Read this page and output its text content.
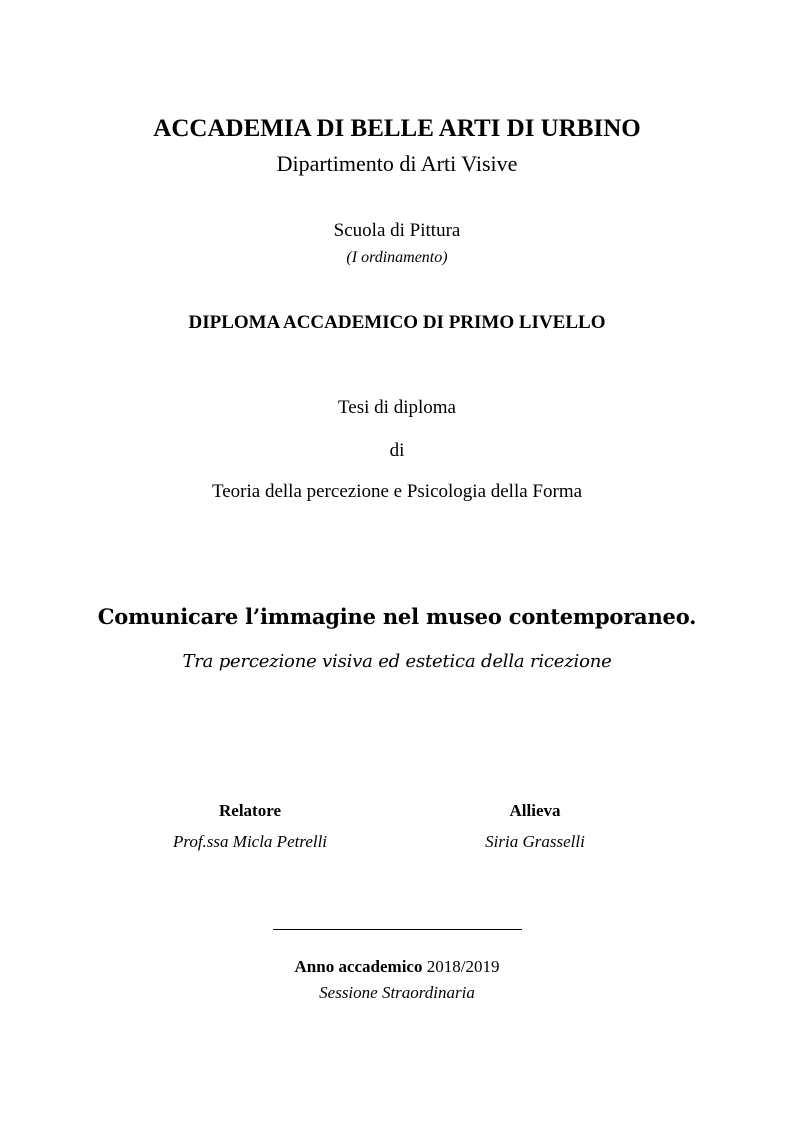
ACCADEMIA DI BELLE ARTI DI URBINO
Dipartimento di Arti Visive
Scuola di Pittura
(I ordinamento)
DIPLOMA ACCADEMICO DI PRIMO LIVELLO
Tesi di diploma
di
Teoria della percezione e Psicologia della Forma
Comunicare l’immagine nel museo contemporaneo.
Tra percezione visiva ed estetica della ricezione
Relatore
Prof.ssa Micla Petrelli
Allieva
Siria Grasselli
Anno accademico 2018/2019
Sessione Straordinaria
